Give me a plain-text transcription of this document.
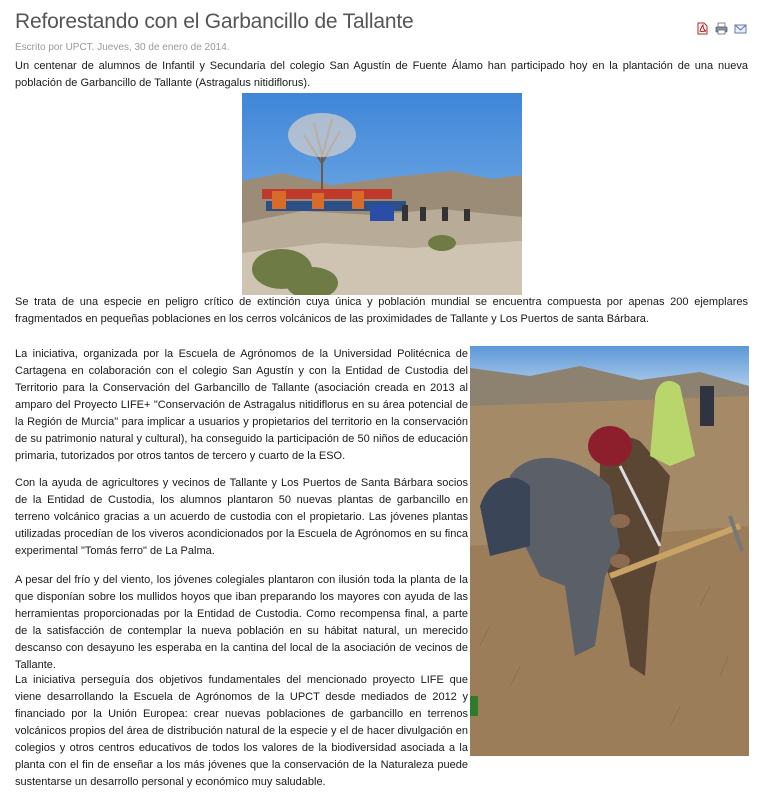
Reforestando con el Garbancillo de Tallante
Escrito por UPCT. Jueves, 30 de enero de 2014.

Un centenar de alumnos de Infantil y Secundaria del colegio San Agustín de Fuente Álamo han participado hoy en la plantación de una nueva población de Garbancillo de Tallante (Astragalus nitidiflorus).

Se trata de una especie en peligro crítico de extinción cuya única y población mundial se encuentra compuesta por apenas 200 ejemplares fragmentados en pequeñas poblaciones en los cerros volcánicos de las proximidades de Tallante y Los Puertos de santa Bárbara.

La iniciativa, organizada por la Escuela de Agrónomos de la Universidad Politécnica de Cartagena en colaboración con el colegio San Agustín y con la Entidad de Custodia del Territorio para la Conservación del Garbancillo de Tallante (asociación creada en 2013 al amparo del Proyecto LIFE+ "Conservación de Astragalus nitidiflorus en su área potencial de la Región de Murcia" para implicar a usuarios y propietarios del territorio en la conservación de su patrimonio natural y cultural), ha conseguido la participación de 50 niños de educación primaria, tutorizados por otros tantos de tercero y cuarto de la ESO.

Con la ayuda de agricultores y vecinos de Tallante y Los Puertos de Santa Bárbara socios de la Entidad de Custodia, los alumnos plantaron 50 nuevas plantas de garbancillo en terreno volcánico gracias a un acuerdo de custodia con el propietario. Las jóvenes plantas utilizadas procedían de los viveros acondicionados por la Escuela de Agrónomos en su finca experimental "Tomás ferro" de La Palma.

A pesar del frío y del viento, los jóvenes colegiales plantaron con ilusión toda la planta de la que disponían sobre los mullidos hoyos que iban preparando los mayores con ayuda de las herramientas proporcionadas por la Entidad de Custodia. Como recompensa final, a parte de la satisfacción de contemplar la nueva población en su hábitat natural, un merecido descanso con desayuno les esperaba en la cantina del local de la asociación de vecinos de Tallante.

La iniciativa perseguía dos objetivos fundamentales del mencionado proyecto LIFE que viene desarrollando la Escuela de Agrónomos de la UPCT desde mediados de 2012 y financiado por la Unión Europea: crear nuevas poblaciones de garbancillo en terrenos volcánicos propios del área de distribución natural de la especie y el de hacer divulgación en colegios y otros centros educativos de todos los valores de la biodiversidad asociada a la planta con el fin de enseñar a los más jóvenes que la conservación de la Naturaleza puede sustentarse un desarrollo personal y económico muy saludable.
